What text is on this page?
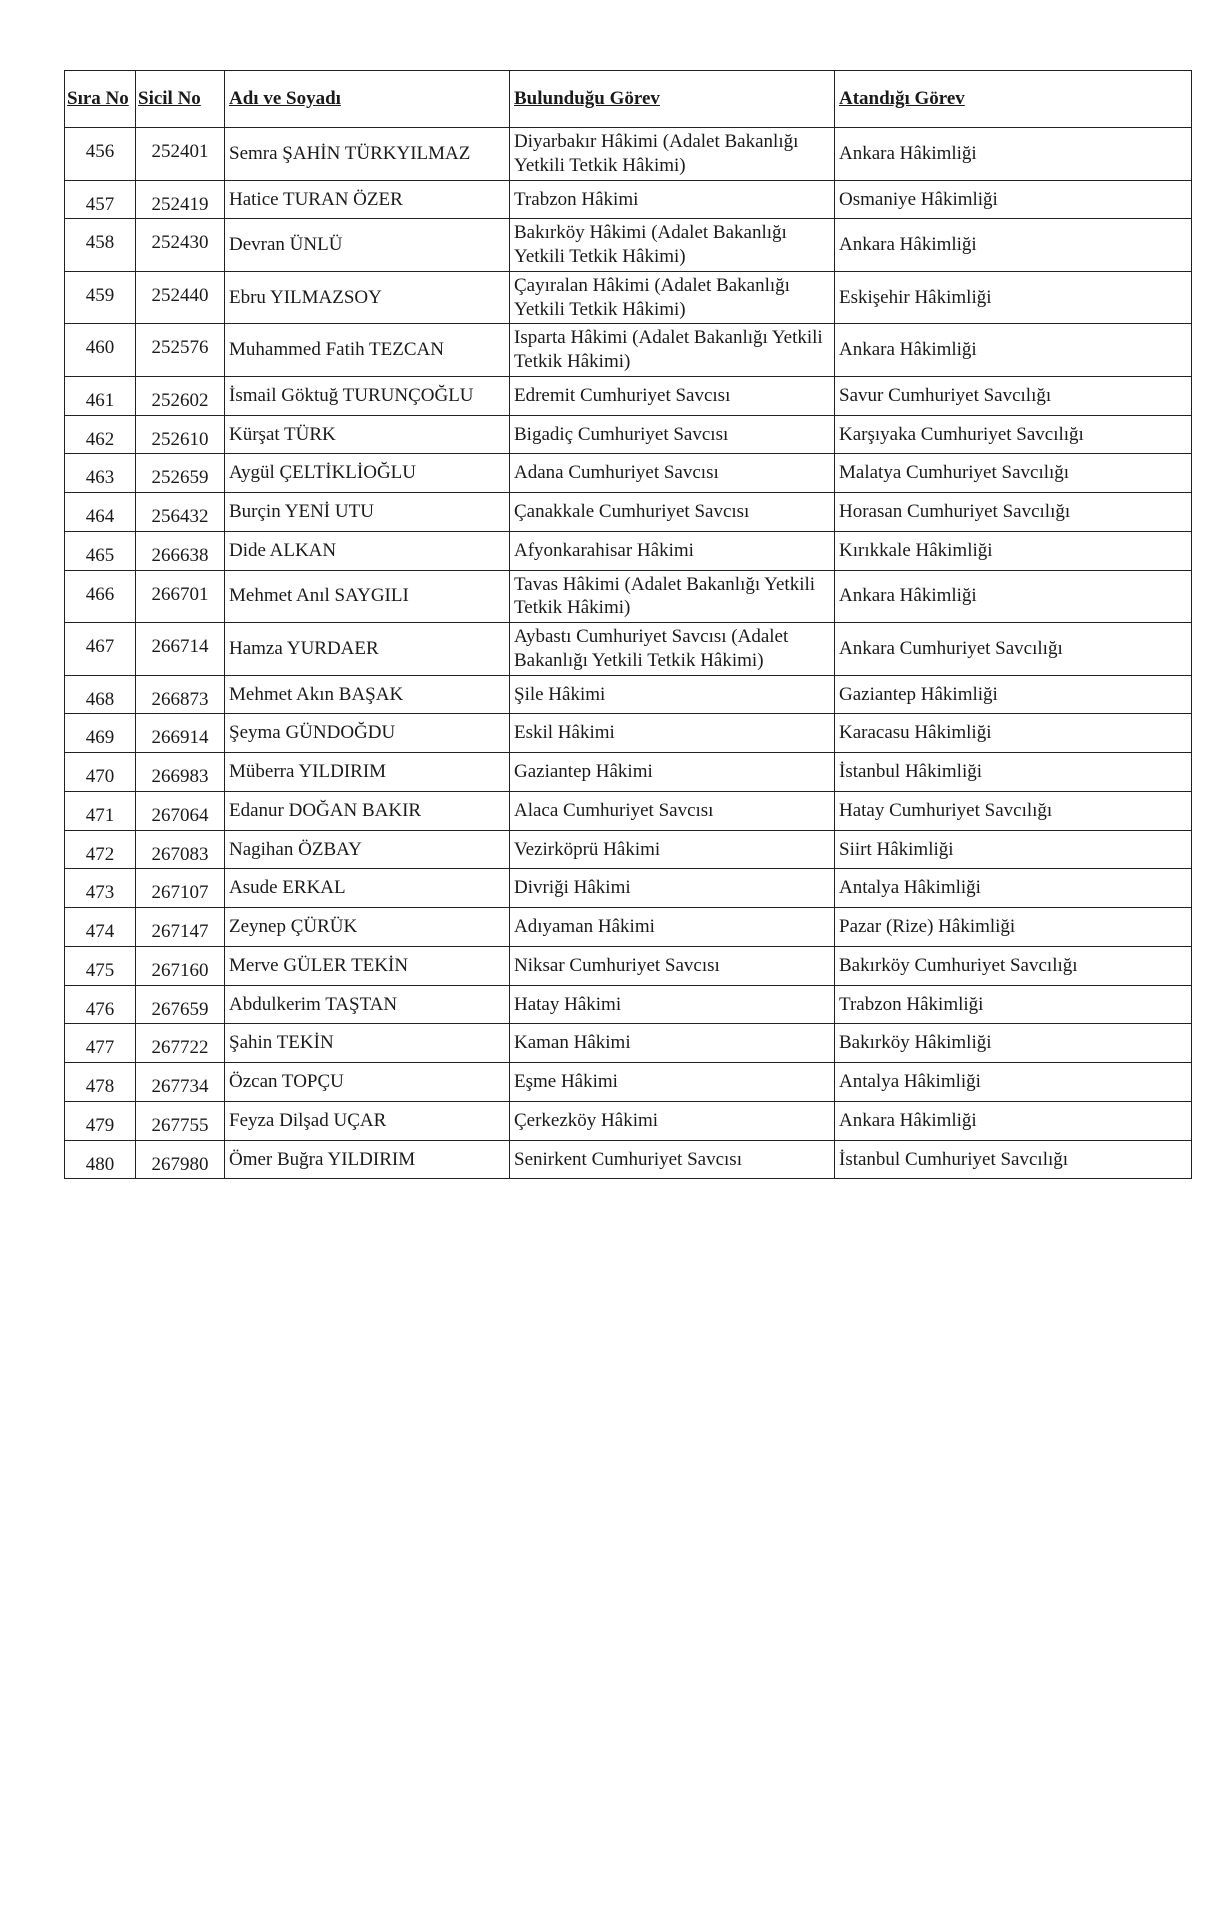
Sıra No	Sicil No	Adı ve Soyadı	Bulunduğu Görev	Atandığı Görev
456	252401	Semra ŞAHİN TÜRKYILMAZ	Diyarbakır Hâkimi (Adalet Bakanlığı Yetkili Tetkik Hâkimi)	Ankara Hâkimliği
457	252419	Hatice TURAN ÖZER	Trabzon Hâkimi	Osmaniye Hâkimliği
458	252430	Devran ÜNLÜ	Bakırköy Hâkimi (Adalet Bakanlığı Yetkili Tetkik Hâkimi)	Ankara Hâkimliği
459	252440	Ebru YILMAZSOY	Çayıralan Hâkimi (Adalet Bakanlığı Yetkili Tetkik Hâkimi)	Eskişehir Hâkimliği
460	252576	Muhammed Fatih TEZCAN	Isparta Hâkimi (Adalet Bakanlığı Yetkili Tetkik Hâkimi)	Ankara Hâkimliği
461	252602	İsmail Göktuğ TURUNÇOĞLU	Edremit Cumhuriyet Savcısı	Savur Cumhuriyet Savcılığı
462	252610	Kürşat TÜRK	Bigadiç Cumhuriyet Savcısı	Karşıyaka Cumhuriyet Savcılığı
463	252659	Aygül ÇELTİKLİOĞLU	Adana Cumhuriyet Savcısı	Malatya Cumhuriyet Savcılığı
464	256432	Burçin YENİ UTU	Çanakkale Cumhuriyet Savcısı	Horasan Cumhuriyet Savcılığı
465	266638	Dide ALKAN	Afyonkarahisar Hâkimi	Kırıkkale Hâkimliği
466	266701	Mehmet Anıl SAYGILI	Tavas Hâkimi (Adalet Bakanlığı Yetkili Tetkik Hâkimi)	Ankara Hâkimliği
467	266714	Hamza YURDAER	Aybastı Cumhuriyet Savcısı (Adalet Bakanlığı Yetkili Tetkik Hâkimi)	Ankara Cumhuriyet Savcılığı
468	266873	Mehmet Akın BAŞAK	Şile Hâkimi	Gaziantep Hâkimliği
469	266914	Şeyma GÜNDOĞDU	Eskil Hâkimi	Karacasu Hâkimliği
470	266983	Müberra YILDIRIM	Gaziantep Hâkimi	İstanbul Hâkimliği
471	267064	Edanur DOĞAN BAKIR	Alaca Cumhuriyet Savcısı	Hatay Cumhuriyet Savcılığı
472	267083	Nagihan ÖZBAY	Vezirköprü Hâkimi	Siirt Hâkimliği
473	267107	Asude ERKAL	Divriği Hâkimi	Antalya Hâkimliği
474	267147	Zeynep ÇÜRÜK	Adıyaman Hâkimi	Pazar (Rize) Hâkimliği
475	267160	Merve GÜLER TEKİN	Niksar Cumhuriyet Savcısı	Bakırköy Cumhuriyet Savcılığı
476	267659	Abdulkerim TAŞTAN	Hatay Hâkimi	Trabzon Hâkimliği
477	267722	Şahin TEKİN	Kaman Hâkimi	Bakırköy Hâkimliği
478	267734	Özcan TOPÇU	Eşme Hâkimi	Antalya Hâkimliği
479	267755	Feyza Dilşad UÇAR	Çerkezköy Hâkimi	Ankara Hâkimliği
480	267980	Ömer Buğra YILDIRIM	Senirkent Cumhuriyet Savcısı	İstanbul Cumhuriyet Savcılığı
